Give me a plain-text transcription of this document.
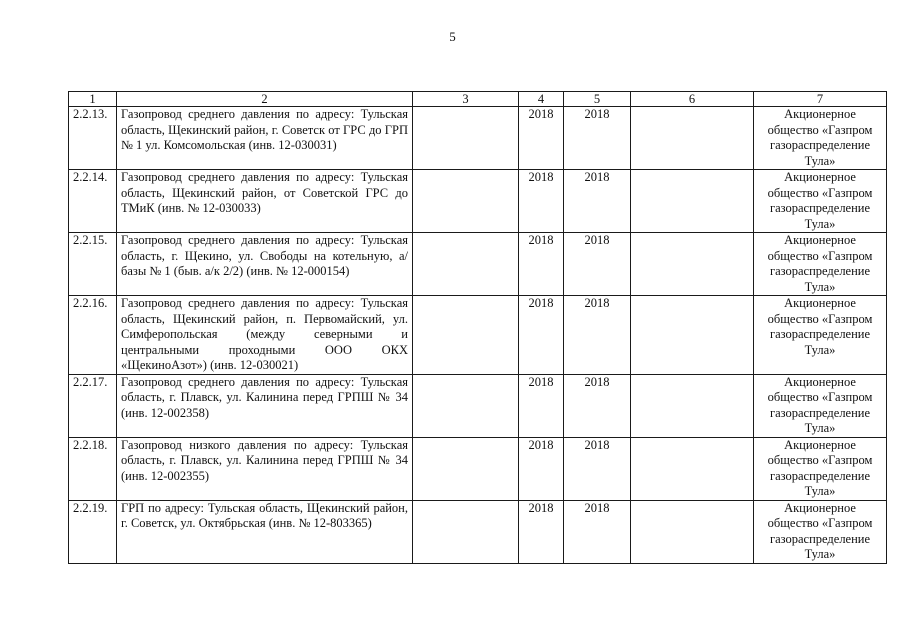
5
1	2	3	4	5	6	7
2.2.13.	Газопровод среднего давления по адресу: Тульская область, Щекинский район, г. Советск от ГРС до ГРП № 1 ул. Комсомольская (инв. 12-030031)		2018	2018		Акционерное общество «Газпром газораспределение Тула»
2.2.14.	Газопровод среднего давления по адресу: Тульская область, Щекинский район, от Советской ГРС до ТМиК (инв. № 12-030033)		2018	2018		Акционерное общество «Газпром газораспределение Тула»
2.2.15.	Газопровод среднего давления по адресу: Тульская область, г. Щекино, ул. Свободы на котельную, а/базы № 1 (быв. а/к 2/2) (инв. № 12-000154)		2018	2018		Акционерное общество «Газпром газораспределение Тула»
2.2.16.	Газопровод среднего давления по адресу: Тульская область, Щекинский район, п. Первомайский, ул. Симферопольская (между северными и центральными проходными ООО ОКХ «ЩекиноАзот») (инв. 12-030021)		2018	2018		Акционерное общество «Газпром газораспределение Тула»
2.2.17.	Газопровод среднего давления по адресу: Тульская область, г. Плавск, ул. Калинина перед ГРПШ № 34 (инв. 12-002358)		2018	2018		Акционерное общество «Газпром газораспределение Тула»
2.2.18.	Газопровод низкого давления по адресу: Тульская область, г. Плавск, ул. Калинина перед ГРПШ № 34 (инв. 12-002355)		2018	2018		Акционерное общество «Газпром газораспределение Тула»
2.2.19.	ГРП по адресу: Тульская область, Щекинский район, г. Советск, ул. Октябрьская (инв. № 12-803365)		2018	2018		Акционерное общество «Газпром газораспределение Тула»
